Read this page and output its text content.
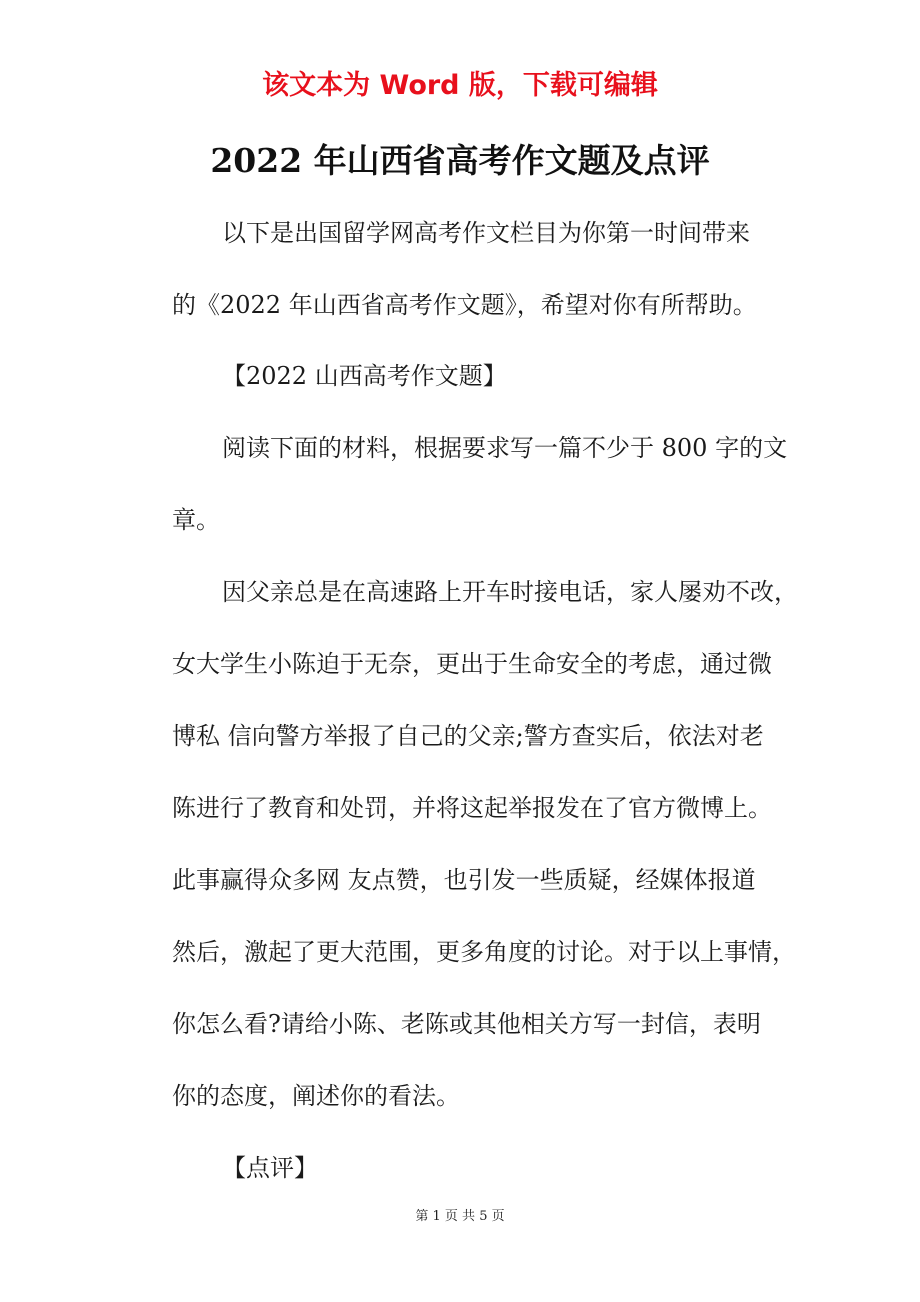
该文本为 Word 版，下载可编辑
2022 年山西省高考作文题及点评
以下是出国留学网高考作文栏目为你第一时间带来
的《2022 年山西省高考作文题》，希望对你有所帮助。
【2022 山西高考作文题】
阅读下面的材料，根据要求写一篇不少于 800 字的文
章。
因父亲总是在高速路上开车时接电话，家人屡劝不改，
女大学生小陈迫于无奈，更出于生命安全的考虑，通过微
博私 信向警方举报了自己的父亲;警方查实后，依法对老
陈进行了教育和处罚，并将这起举报发在了官方微博上。
此事赢得众多网 友点赞，也引发一些质疑，经媒体报道
然后，激起了更大范围，更多角度的讨论。对于以上事情，
你怎么看?请给小陈、老陈或其他相关方写一封信，表明
你的态度，阐述你的看法。
【点评】
第 1 页 共 5 页
